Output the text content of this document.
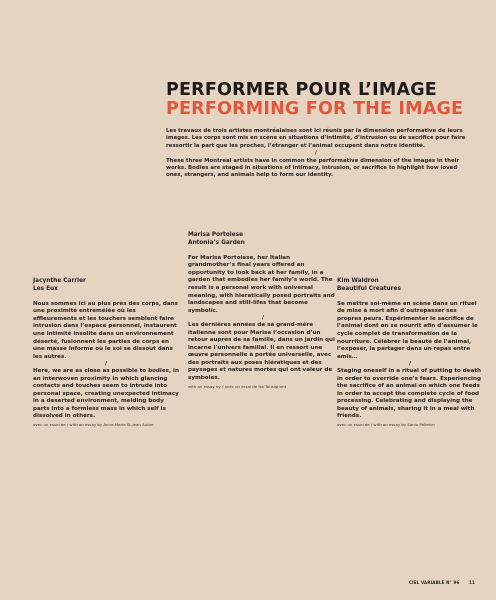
PERFORMER POUR L’IMAGE
PERFORMING FOR THE IMAGE

Les travaux de trois artistes montréalaises sont ici réunis par la dimension performative de leurs images. Les corps sont mis en scène en situations d’intimité, d’intrusion ou de sacrifice pour faire ressortir la part que les proches, l’étranger et l’animal occupent dans notre identité.

/

These three Montreal artists have in common the performative dimension of the images in their works. Bodies are staged in situations of intimacy, intrusion, or sacrifice to highlight how loved ones, strangers, and animals help to form our identity.

Jacynthe Carrier

Les Eux

Nous sommes ici au plus près des corps, dans une proximité entremêlée où les effleurements et les touchers semblent faire intrusion dans l’espace personnel, instaurent une intimité insolite dans un environnement déserté, fusionnent les parties de corps en une masse informe où le soi se dissout dans les autres.

/

Here, we are as close as possible to bodies, in an interwoven proximity in which glancing contacts and touches seem to intrude into personal space, creating unexpected intimacy in a deserted environment, melding body parts into a formless mass in which self is dissolved in others.

avec un essai de / with an essay by Anne-Marie St-Jean Aubre

Marisa Portolese

Antonia’s Garden

For Marisa Portolese, her Italian grandmother’s final years offered an opportunity to look back at her family, in a garden that embodies her family’s world. The result is a personal work with universal meaning, with hieratically posed portraits and landscapes and still-lifes that become symbolic.

/

Les dernières années de sa grand-mère italienne sont pour Marisa l’occasion d’un retour auprès de sa famille, dans un jardin qui incarne l’univers familial. Il en ressort une œuvre personnelle à portée universelle, avec des portraits aux poses hiératiques et des paysages et natures mortes qui ont valeur de symboles.

with an essay by / avec un essai de Isa Tousignant

Kim Waldron

Beautiful Creatures

Se mettre soi-même en scène dans un rituel de mise à mort afin d’outrepasser ses propres peurs. Expérimenter le sacrifice de l’animal dont on se nourrit afin d’assumer le cycle complet de transformation de la nourriture. Célébrer la beauté de l’animal, l’exposer, la partager dans un repas entre amis…

/

Staging oneself in a ritual of putting to death in order to override one’s fears. Experiencing the sacrifice of an animal on which one feeds in order to accept the complete cycle of food processing. Celebrating and displaying the beauty of animals, sharing it in a meal with friends.

avec un essai de / with an essay by Sonia Pelletier

CIEL VARIABLE N° 96 11
